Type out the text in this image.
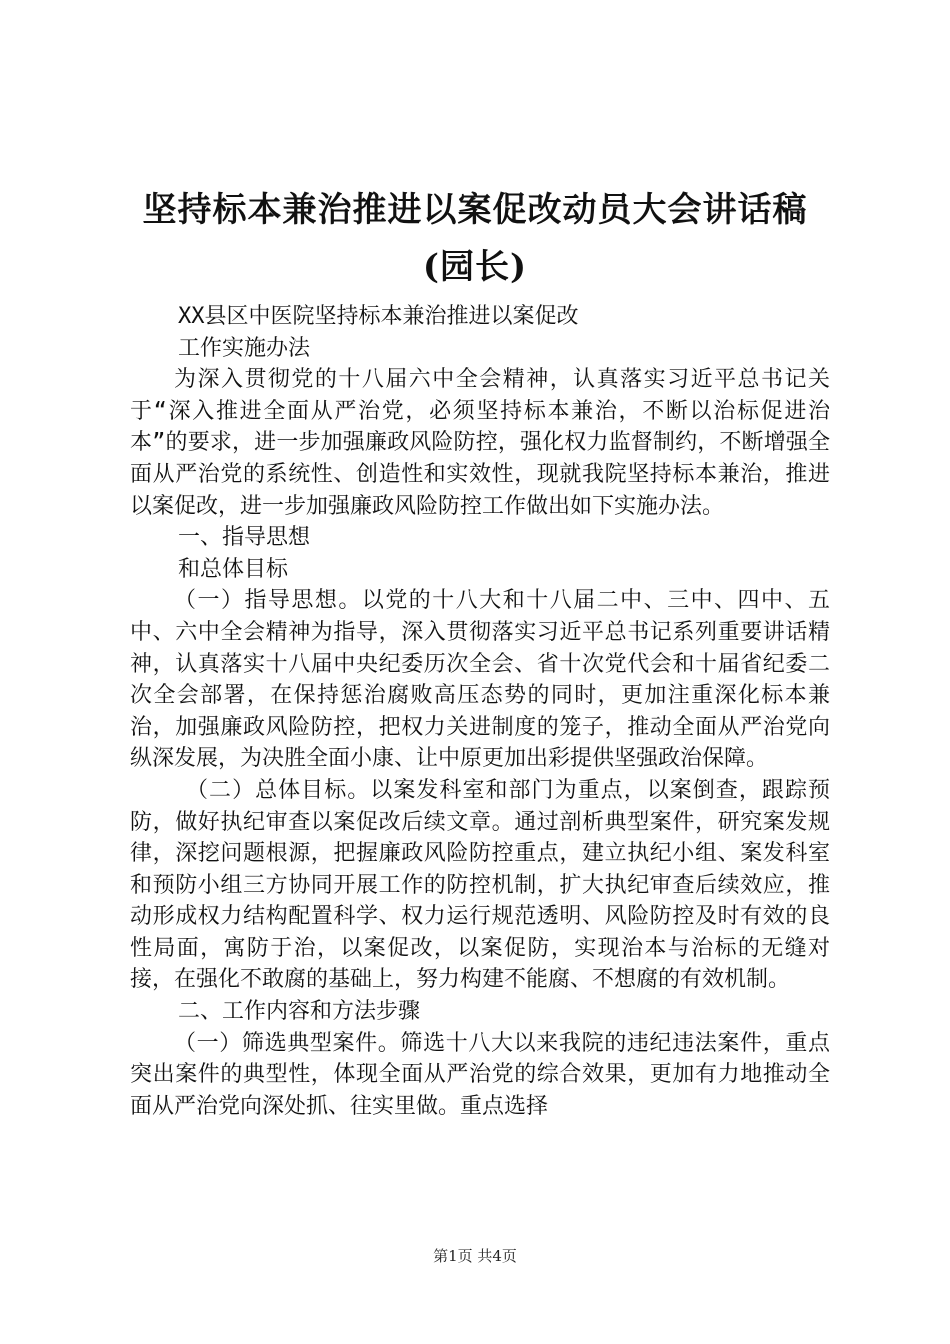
坚持标本兼治推进以案促改动员大会讲话稿
(园长)

XX县区中医院坚持标本兼治推进以案促改

工作实施办法

为深入贯彻党的十八届六中全会精神，认真落实习近平总书记关于“深入推进全面从严治党，必须坚持标本兼治，不断以治标促进治本”的要求，进一步加强廉政风险防控，强化权力监督制约，不断增强全面从严治党的系统性、创造性和实效性，现就我院坚持标本兼治，推进以案促改，进一步加强廉政风险防控工作做出如下实施办法。

一、指导思想

和总体目标

（一）指导思想。以党的十八大和十八届二中、三中、四中、五中、六中全会精神为指导，深入贯彻落实习近平总书记系列重要讲话精神，认真落实十八届中央纪委历次全会、省十次党代会和十届省纪委二次全会部署，在保持惩治腐败高压态势的同时，更加注重深化标本兼治，加强廉政风险防控，把权力关进制度的笼子，推动全面从严治党向纵深发展，为决胜全面小康、让中原更加出彩提供坚强政治保障。

（二）总体目标。以案发科室和部门为重点，以案倒查，跟踪预防，做好执纪审查以案促改后续文章。通过剖析典型案件，研究案发规律，深挖问题根源，把握廉政风险防控重点，建立执纪小组、案发科室和预防小组三方协同开展工作的防控机制，扩大执纪审查后续效应，推动形成权力结构配置科学、权力运行规范透明、风险防控及时有效的良性局面，寓防于治，以案促改，以案促防，实现治本与治标的无缝对接，在强化不敢腐的基础上，努力构建不能腐、不想腐的有效机制。

二、工作内容和方法步骤

（一）筛选典型案件。筛选十八大以来我院的违纪违法案件，重点突出案件的典型性，体现全面从严治党的综合效果，更加有力地推动全面从严治党向深处抓、往实里做。重点选择

第1页 共4页
